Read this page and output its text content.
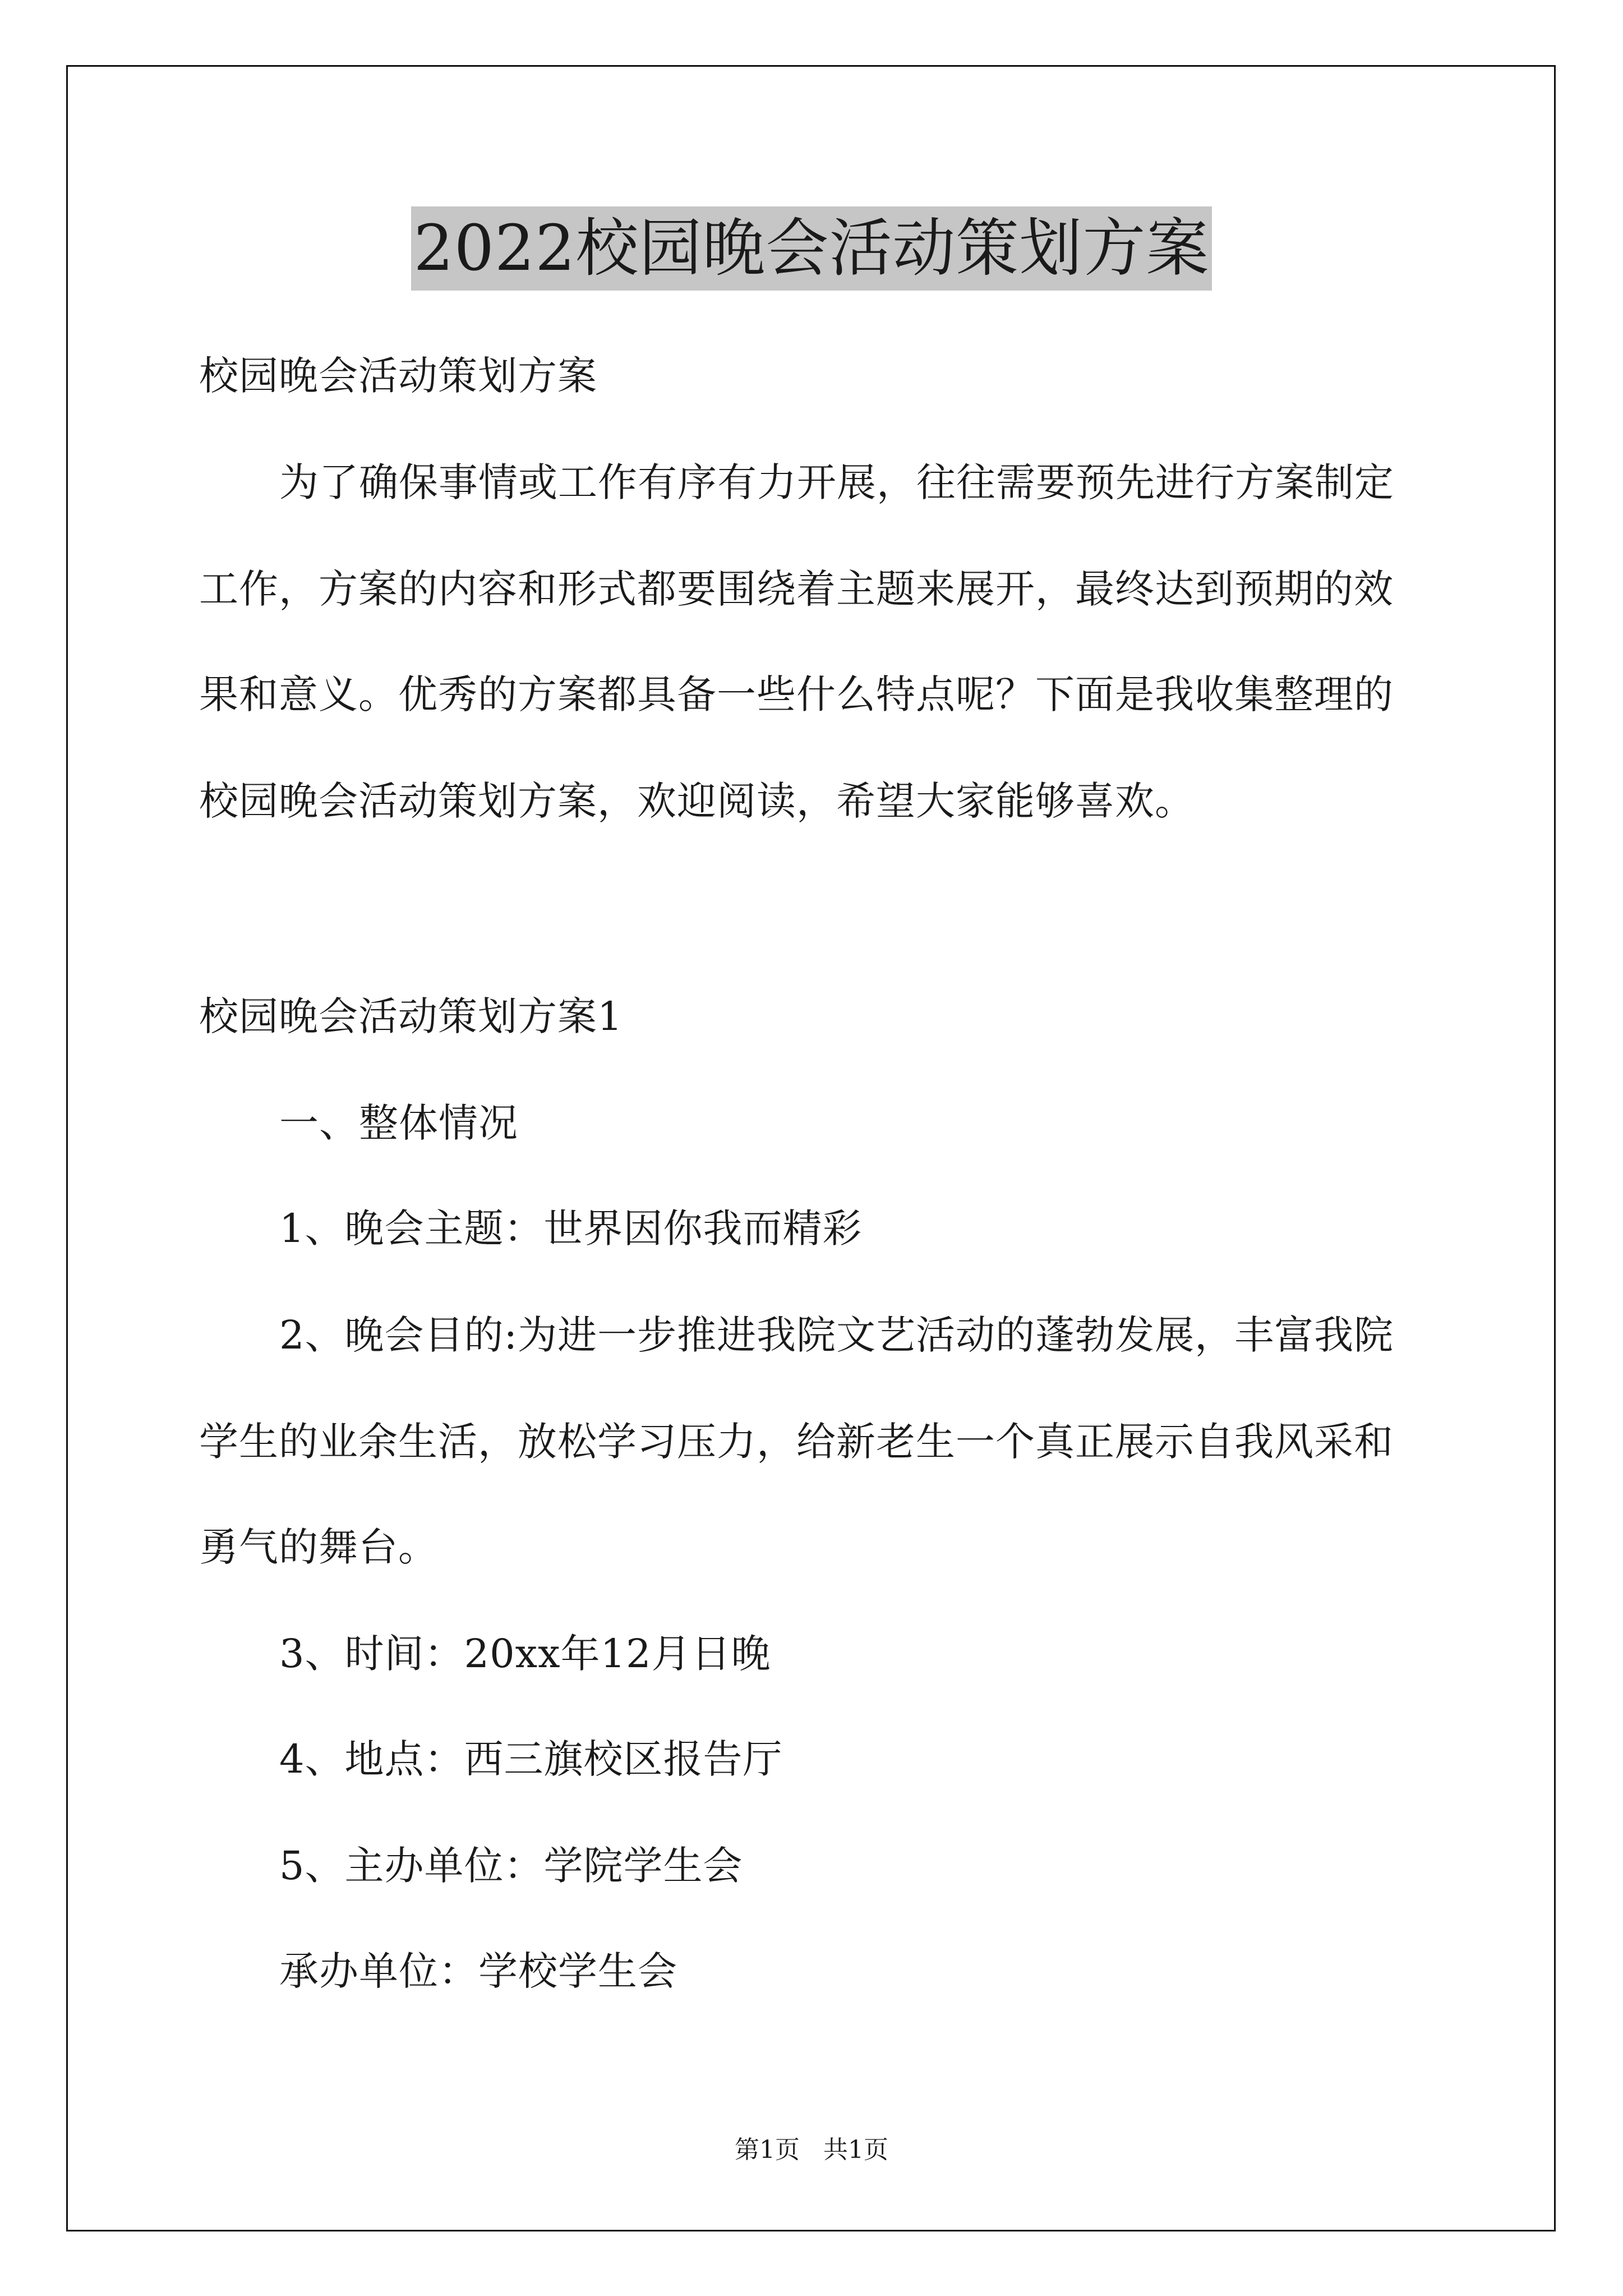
2022校园晚会活动策划方案
校园晚会活动策划方案
为了确保事情或工作有序有力开展，往往需要预先进行方案制定
工作，方案的内容和形式都要围绕着主题来展开，最终达到预期的效
果和意义。优秀的方案都具备一些什么特点呢？下面是我收集整理的
校园晚会活动策划方案，欢迎阅读，希望大家能够喜欢。
校园晚会活动策划方案1
一、整体情况
1、晚会主题：世界因你我而精彩
2、晚会目的:为进一步推进我院文艺活动的蓬勃发展，丰富我院
学生的业余生活，放松学习压力，给新老生一个真正展示自我风采和
勇气的舞台。
3、时间：20xx年12月日晚
4、地点：西三旗校区报告厅
5、主办单位：学院学生会
承办单位：学校学生会
第1页   共1页
